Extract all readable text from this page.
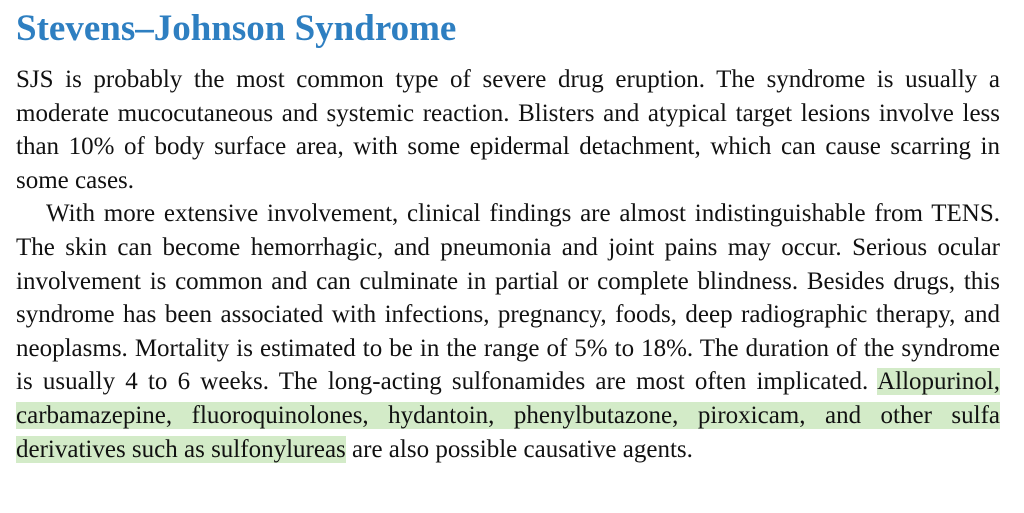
Stevens–Johnson Syndrome

SJS is probably the most common type of severe drug eruption. The syndrome is usually a moderate mucocutaneous and systemic reaction. Blisters and atypical target lesions involve less than 10% of body surface area, with some epidermal detachment, which can cause scarring in some cases.

With more extensive involvement, clinical findings are almost indistinguishable from TENS. The skin can become hemorrhagic, and pneumonia and joint pains may occur. Serious ocular involvement is common and can culminate in partial or complete blindness. Besides drugs, this syndrome has been associated with infections, pregnancy, foods, deep radiographic therapy, and neoplasms. Mortality is estimated to be in the range of 5% to 18%. The duration of the syndrome is usually 4 to 6 weeks. The long-acting sulfonamides are most often implicated. Allopurinol, carbamazepine, fluoroquinolones, hydantoin, phenylbutazone, piroxicam, and other sulfa derivatives such as sulfonylureas are also possible causative agents.
